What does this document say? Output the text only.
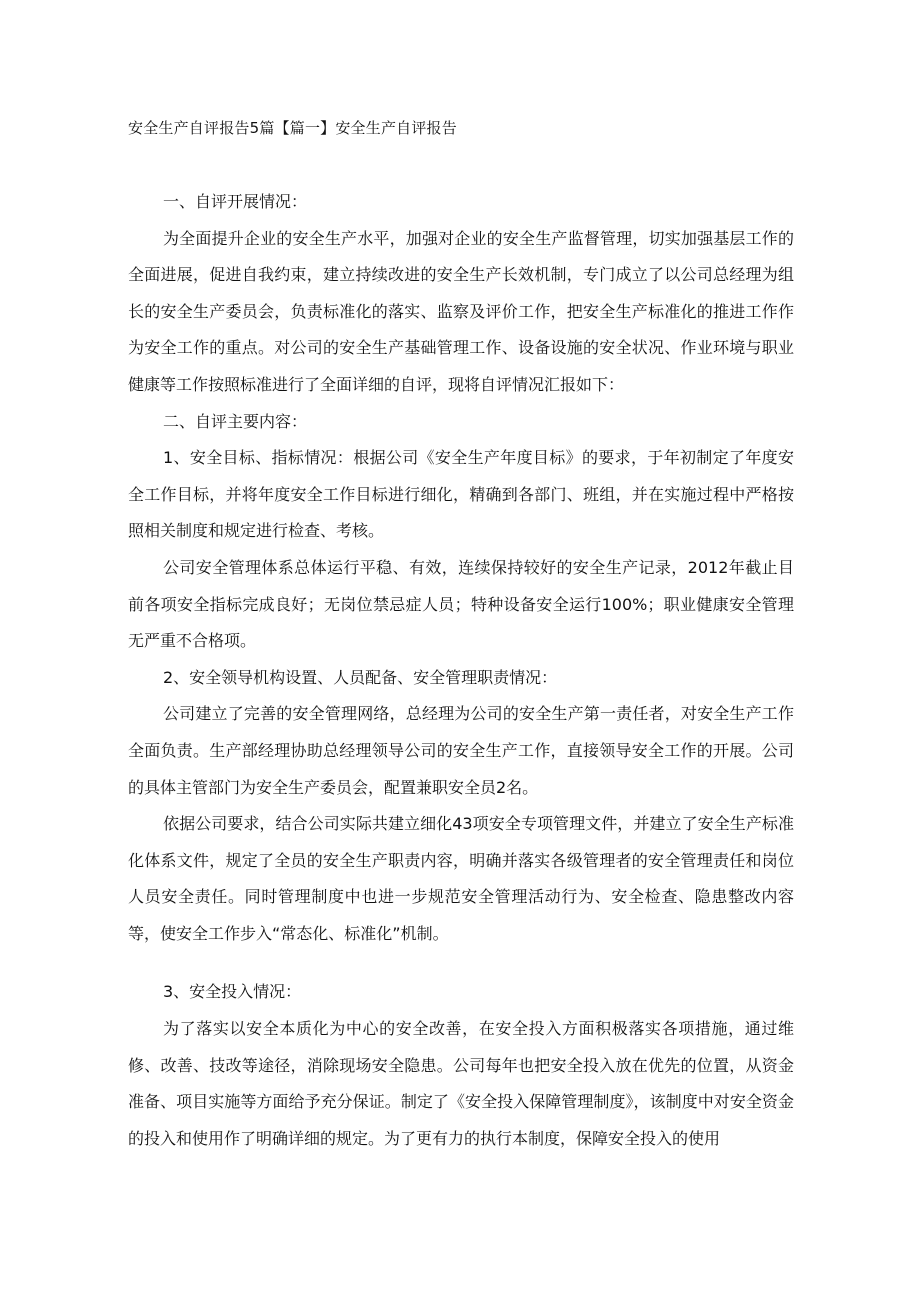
安全生产自评报告5篇【篇一】安全生产自评报告
一、自评开展情况：

为全面提升企业的安全生产水平，加强对企业的安全生产监督管理，切实加强基层工作的全面进展，促进自我约束，建立持续改进的安全生产长效机制，专门成立了以公司总经理为组长的安全生产委员会，负责标准化的落实、监察及评价工作，把安全生产标准化的推进工作作为安全工作的重点。对公司的安全生产基础管理工作、设备设施的安全状况、作业环境与职业健康等工作按照标准进行了全面详细的自评，现将自评情况汇报如下：

二、自评主要内容：

1、安全目标、指标情况：根据公司《安全生产年度目标》的要求，于年初制定了年度安全工作目标，并将年度安全工作目标进行细化，精确到各部门、班组，并在实施过程中严格按照相关制度和规定进行检查、考核。

公司安全管理体系总体运行平稳、有效，连续保持较好的安全生产记录，2012年截止目前各项安全指标完成良好；无岗位禁忌症人员；特种设备安全运行100%；职业健康安全管理无严重不合格项。

2、安全领导机构设置、人员配备、安全管理职责情况：

公司建立了完善的安全管理网络，总经理为公司的安全生产第一责任者，对安全生产工作全面负责。生产部经理协助总经理领导公司的安全生产工作，直接领导安全工作的开展。公司的具体主管部门为安全生产委员会，配置兼职安全员2名。

依据公司要求，结合公司实际共建立细化43项安全专项管理文件，并建立了安全生产标准化体系文件，规定了全员的安全生产职责内容，明确并落实各级管理者的安全管理责任和岗位人员安全责任。同时管理制度中也进一步规范安全管理活动行为、安全检查、隐患整改内容等，使安全工作步入“常态化、标准化”机制。

3、安全投入情况：

为了落实以安全本质化为中心的安全改善，在安全投入方面积极落实各项措施，通过维修、改善、技改等途径，消除现场安全隐患。公司每年也把安全投入放在优先的位置，从资金准备、项目实施等方面给予充分保证。制定了《安全投入保障管理制度》，该制度中对安全资金的投入和使用作了明确详细的规定。为了更有力的执行本制度，保障安全投入的使用
